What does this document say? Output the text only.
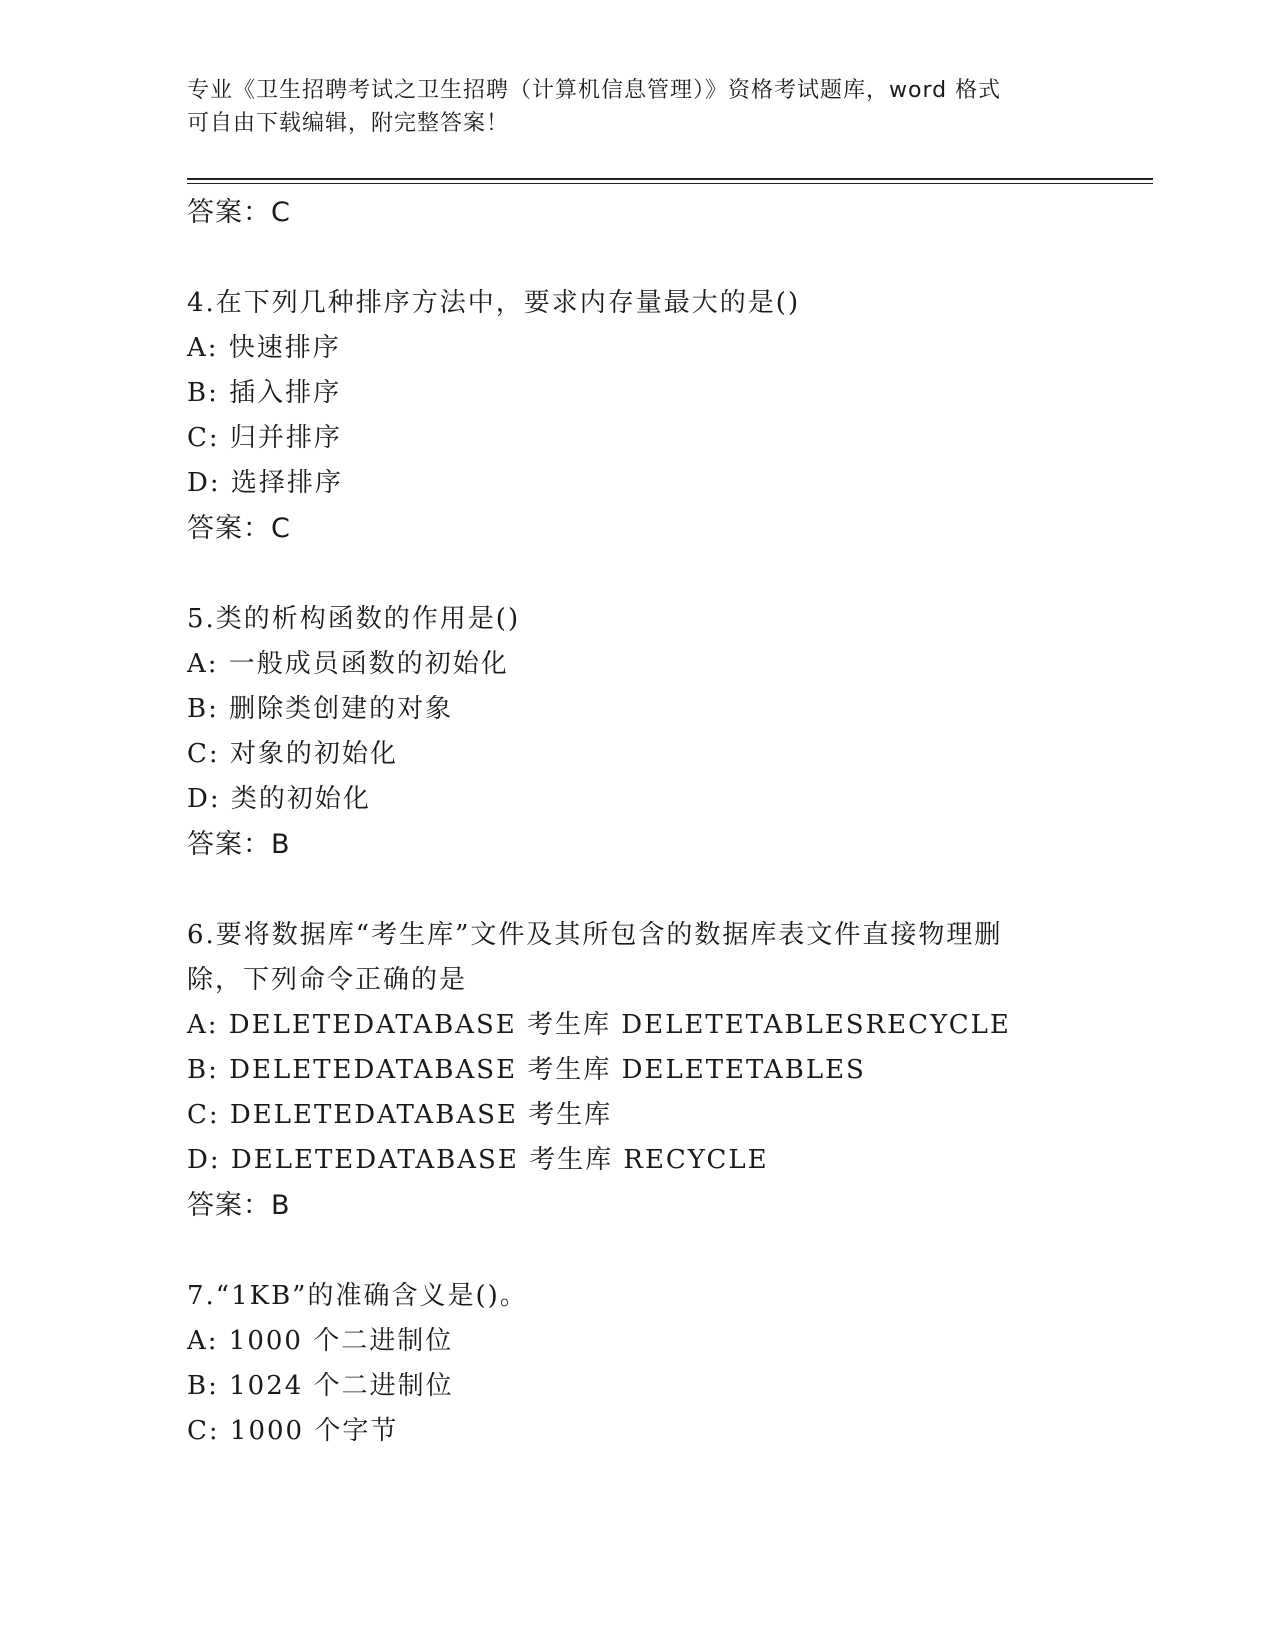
专业《卫生招聘考试之卫生招聘（计算机信息管理）》资格考试题库，word 格式
可自由下载编辑，附完整答案！
答案：C
4.在下列几种排序方法中，要求内存量最大的是()
A: 快速排序
B: 插入排序
C: 归并排序
D: 选择排序
答案：C
5.类的析构函数的作用是()
A: 一般成员函数的初始化
B: 删除类创建的对象
C: 对象的初始化
D: 类的初始化
答案：B
6.要将数据库“考生库”文件及其所包含的数据库表文件直接物理删
除，下列命令正确的是
A: DELETEDATABASE 考生库 DELETETABLESRECYCLE
B: DELETEDATABASE 考生库 DELETETABLES
C: DELETEDATABASE 考生库
D: DELETEDATABASE 考生库 RECYCLE
答案：B
7.“1KB”的准确含义是()。
A: 1000 个二进制位
B: 1024 个二进制位
C: 1000 个字节
